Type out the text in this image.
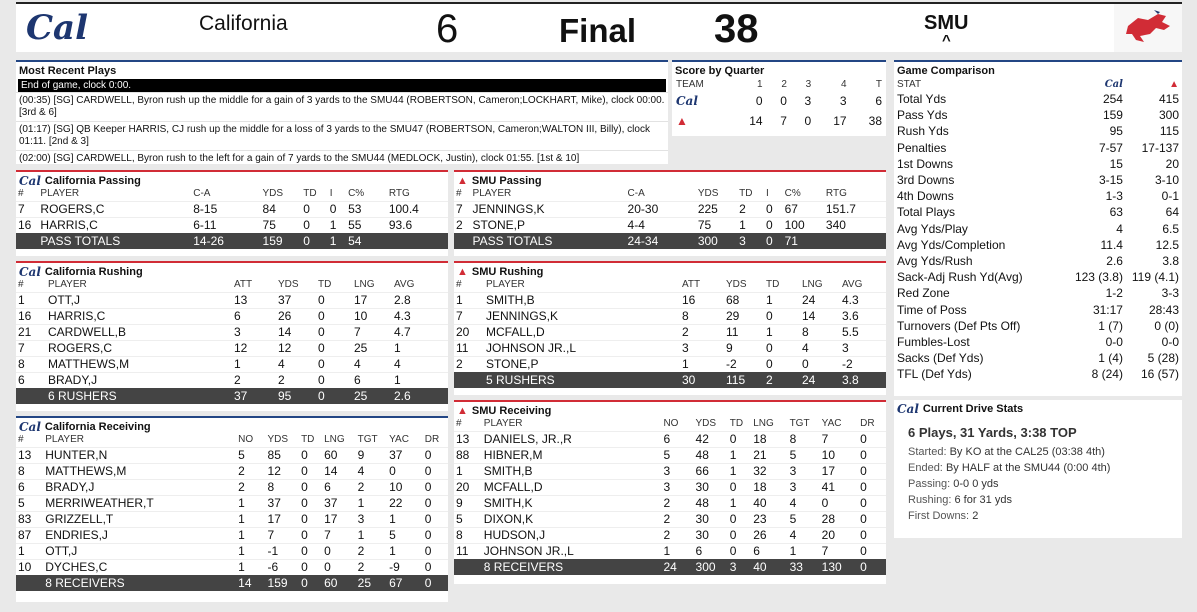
Cal	California	6	Final 38	SMU
^
Most Recent Plays
End of game, clock 0:00.
(00:35) [SG] CARDWELL, Byron rush up the middle for a gain of 3 yards to the SMU44 (ROBERTSON, Cameron;LOCKHART, Mike), clock 00:00. [3rd & 6]
(01:17) [SG] QB Keeper HARRIS, CJ rush up the middle for a loss of 3 yards to the SMU47 (ROBERTSON, Cameron;WALTON III, Billy), clock 01:11. [2nd & 3]
(02:00) [SG] CARDWELL, Byron rush to the left for a gain of 7 yards to the SMU44 (MEDLOCK, Justin), clock 01:55. [1st & 10]
Score by Quarter
TEAM	1	2	3	4	T
Cal	0	0	3	3	6
▲	14	7	0	17	38
Game Comparison
STAT	Cal	▲
Total Yds	254	415
Pass Yds	159	300
Rush Yds	95	115
Penalties	7-57	17-137
1st Downs	15	20
3rd Downs	3-15	3-10
4th Downs	1-3	0-1
Total Plays	63	64
Avg Yds/Play	4	6.5
Avg Yds/Completion	11.4	12.5
Avg Yds/Rush	2.6	3.8
Sack-Adj Rush Yd(Avg)	123 (3.8)	119 (4.1)
Red Zone	1-2	3-3
Time of Poss	31:17	28:43
Turnovers (Def Pts Off)	1 (7)	0 (0)
Fumbles-Lost	0-0	0-0
Sacks (Def Yds)	1 (4)	5 (28)
TFL (Def Yds)	8 (24)	16 (57)
Cal Current Drive Stats
6 Plays, 31 Yards, 3:38 TOP
Started: By KO at the CAL25 (03:38 4th)
Ended: By HALF at the SMU44 (0:00 4th)
Passing: 0-0 0 yds
Rushing: 6 for 31 yds
First Downs: 2
Cal California Passing
#	PLAYER	C-A	YDS	TD	I	C%	RTG
7	ROGERS,C	8-15	84	0	0	53	100.4
16	HARRIS,C	6-11	75	0	1	55	93.6
	PASS TOTALS	14-26	159	0	1	54	
▲ SMU Passing
#	PLAYER	C-A	YDS	TD	I	C%	RTG
7	JENNINGS,K	20-30	225	2	0	67	151.7
2	STONE,P	4-4	75	1	0	100	340
	PASS TOTALS	24-34	300	3	0	71	
Cal California Rushing
#	PLAYER	ATT	YDS	TD	LNG	AVG
1	OTT,J	13	37	0	17	2.8
16	HARRIS,C	6	26	0	10	4.3
21	CARDWELL,B	3	14	0	7	4.7
7	ROGERS,C	12	12	0	25	1
8	MATTHEWS,M	1	4	0	4	4
6	BRADY,J	2	2	0	6	1
	6 RUSHERS	37	95	0	25	2.6
▲ SMU Rushing
#	PLAYER	ATT	YDS	TD	LNG	AVG
1	SMITH,B	16	68	1	24	4.3
7	JENNINGS,K	8	29	0	14	3.6
20	MCFALL,D	2	11	1	8	5.5
11	JOHNSON JR.,L	3	9	0	4	3
2	STONE,P	1	-2	0	0	-2
	5 RUSHERS	30	115	2	24	3.8
Cal California Receiving
#	PLAYER	NO	YDS	TD	LNG	TGT	YAC	DR
13	HUNTER,N	5	85	0	60	9	37	0
8	MATTHEWS,M	2	12	0	14	4	0	0
6	BRADY,J	2	8	0	6	2	10	0
5	MERRIWEATHER,T	1	37	0	37	1	22	0
83	GRIZZELL,T	1	17	0	17	3	1	0
87	ENDRIES,J	1	7	0	7	1	5	0
1	OTT,J	1	-1	0	0	2	1	0
10	DYCHES,C	1	-6	0	0	2	-9	0
	8 RECEIVERS	14	159	0	60	25	67	0
▲ SMU Receiving
#	PLAYER	NO	YDS	TD	LNG	TGT	YAC	DR
13	DANIELS, JR.,R	6	42	0	18	8	7	0
88	HIBNER,M	5	48	1	21	5	10	0
1	SMITH,B	3	66	1	32	3	17	0
20	MCFALL,D	3	30	0	18	3	41	0
9	SMITH,K	2	48	1	40	4	0	0
5	DIXON,K	2	30	0	23	5	28	0
8	HUDSON,J	2	30	0	26	4	20	0
11	JOHNSON JR.,L	1	6	0	6	1	7	0
	8 RECEIVERS	24	300	3	40	33	130	0
